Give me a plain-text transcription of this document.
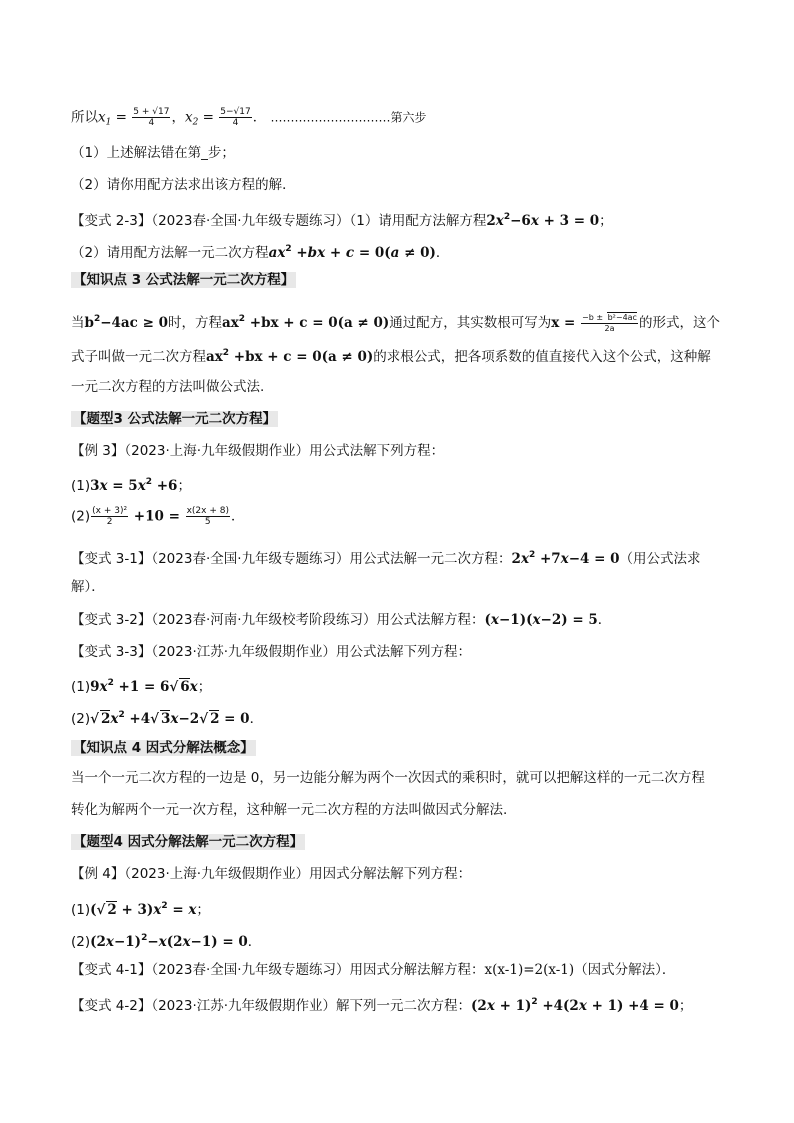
所以$x_1 = \frac{5 + √17}{4}$ ，$x_2 = \frac{5-√17}{4}$ ． …………………………第六步
（1）上述解法错在第_步；
（2）请你用配方法求出该方程的解．
【变式 2-3】（2023春·全国·九年级专题练习）（1）请用配方法解方程$2x^2-6x + 3 = 0$；
（2）请用配方法解一元二次方程$ax^2 +bx + c = 0(a \ne 0)$．
【知识点 3 公式法解一元二次方程】
当$b^2-4ac \ge 0$时，方程$ax^2 +bx + c = 0(a \ne 0)$通过配方，其实数根可写为$x = \frac{\text{−b ± b²−4ac}}{2a}$ 的形式，这个
式子叫做一元二次方程$ax^2 +bx + c = 0(a \ne 0)$的求根公式，把各项系数的值直接代入这个公式，这种解
一元二次方程的方法叫做公式法.
【题型3 公式法解一元二次方程】
【例 3】（2023·上海·九年级假期作业）用公式法解下列方程：
$(1)3x = 5x^2 +6$；
$(2) \frac{\text{(x + 3)²}}{2} +10 = \frac{x(2x + 8)}{5}$ ．
【变式 3-1】（2023春·全国·九年级专题练习）用公式法解一元二次方程：$2x^2 +7x-4 = 0$（用公式法求
解）．
【变式 3-2】（2023春·河南·九年级校考阶段练习）用公式法解方程：(x−1)(x−2) = 5．
【变式 3-3】（2023·江苏·九年级假期作业）用公式法解下列方程：
$(1)9x^2 +1 = 6√$ 6x；
(2)√ $2x^2 +4√$ 3x−2√ 2 = 0．
【知识点 4 因式分解法概念】
当一个一元二次方程的一边是 0，另一边能分解为两个一次因式的乘积时，就可以把解这样的一元二次方程
转化为解两个一元一次方程，这种解一元二次方程的方法叫做因式分解法.
【题型4 因式分解法解一元二次方程】
【例 4】（2023·上海·九年级假期作业）用因式分解法解下列方程：
(1)(√ $2 + 3)x^2 = x$；
$(2)(2x-1)^2-x(2x-1) = 0$．
【变式 4-1】（2023春·全国·九年级专题练习）用因式分解法解方程：x(x-1)=2(x-1)（因式分解法）．
【变式 4-2】（2023·江苏·九年级假期作业）解下列一元二次方程：$(2x + 1)^2 +4(2x + 1) +4 = 0$；
